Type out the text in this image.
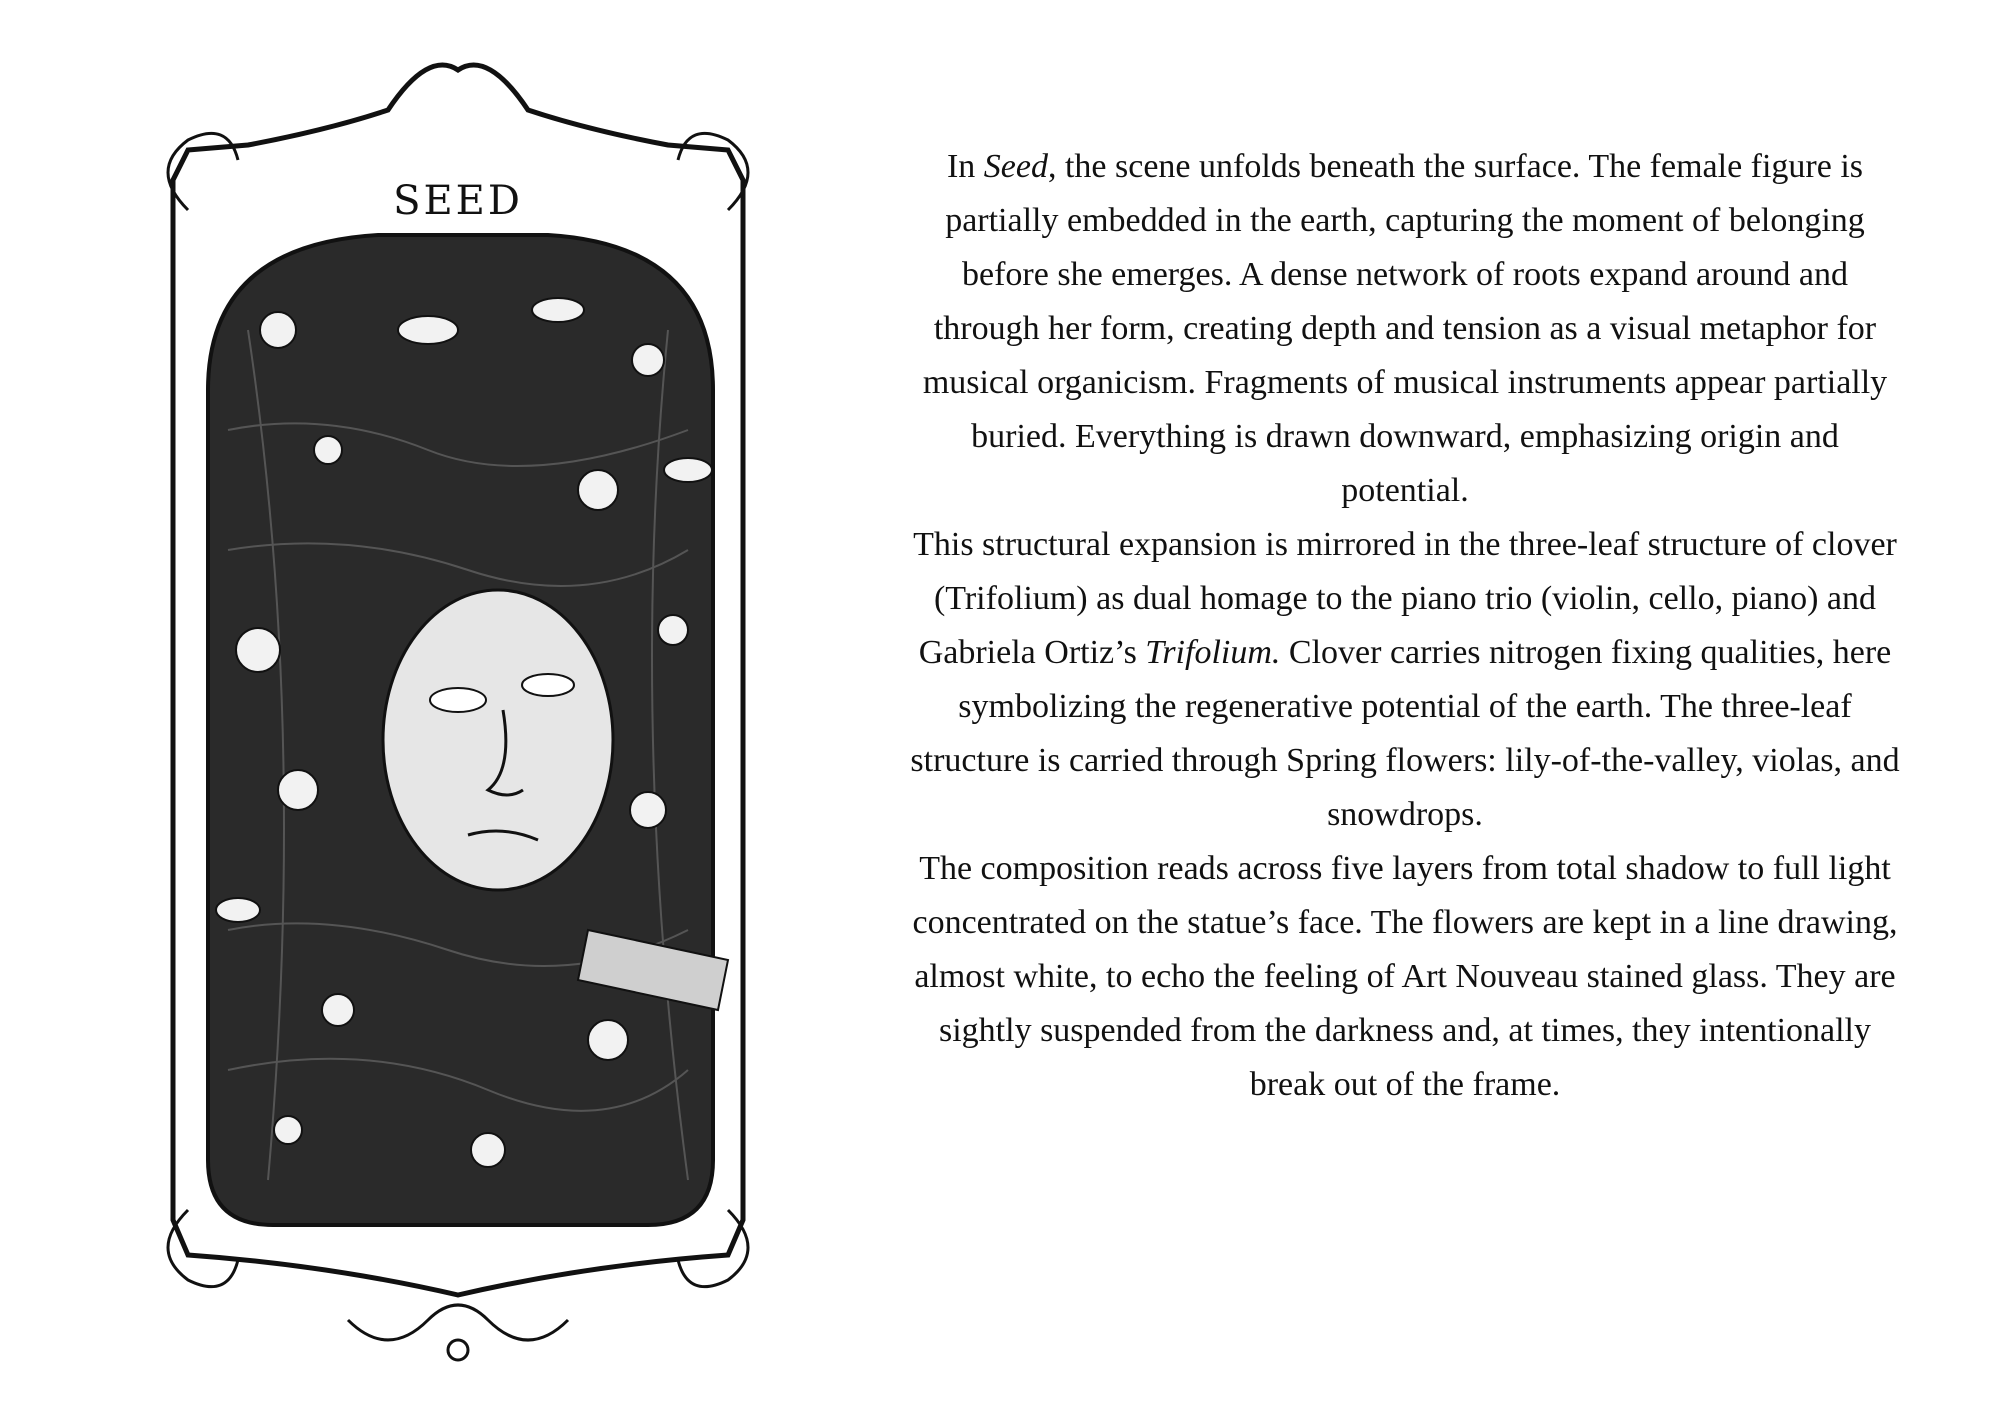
SEED

In Seed, the scene unfolds beneath the surface. The female figure is partially embedded in the earth, capturing the moment of belonging before she emerges. A dense network of roots expand around and through her form, creating depth and tension as a visual metaphor for musical organicism. Fragments of musical instruments appear partially buried. Everything is drawn downward, emphasizing origin and potential.

This structural expansion is mirrored in the three-leaf structure of clover (Trifolium) as dual homage to the piano trio (violin, cello, piano) and Gabriela Ortiz’s Trifolium. Clover carries nitrogen fixing qualities, here symbolizing the regenerative potential of the earth. The three-leaf structure is carried through Spring flowers: lily-of-the-valley, violas, and snowdrops.

The composition reads across five layers from total shadow to full light concentrated on the statue’s face. The flowers are kept in a line drawing, almost white, to echo the feeling of Art Nouveau stained glass. They are sightly suspended from the darkness and, at times, they intentionally break out of the frame.
